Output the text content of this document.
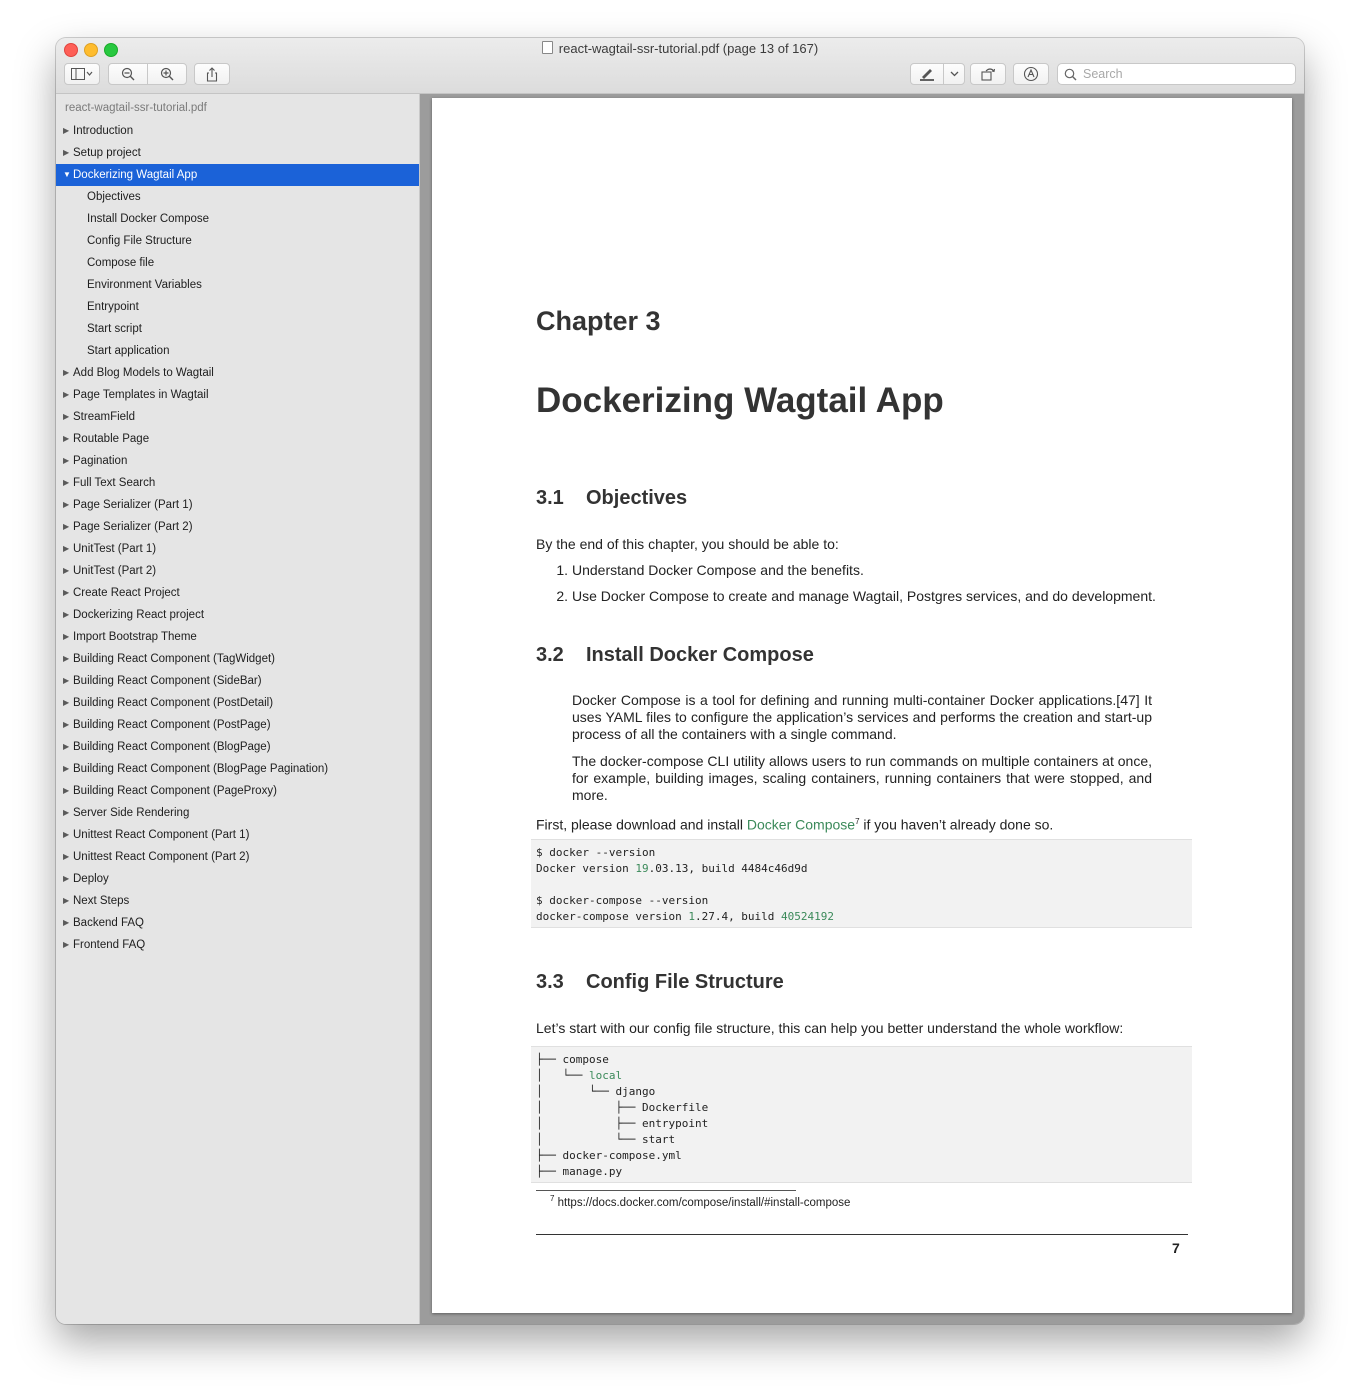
react-wagtail-ssr-tutorial.pdf (page 13 of 167)
Search
react-wagtail-ssr-tutorial.pdf
▶ Introduction
▶ Setup project
▼ Dockerizing Wagtail App
Objectives
Install Docker Compose
Config File Structure
Compose file
Environment Variables
Entrypoint
Start script
Start application
▶ Add Blog Models to Wagtail
▶ Page Templates in Wagtail
▶ StreamField
▶ Routable Page
▶ Pagination
▶ Full Text Search
▶ Page Serializer (Part 1)
▶ Page Serializer (Part 2)
▶ UnitTest (Part 1)
▶ UnitTest (Part 2)
▶ Create React Project
▶ Dockerizing React project
▶ Import Bootstrap Theme
▶ Building React Component (TagWidget)
▶ Building React Component (SideBar)
▶ Building React Component (PostDetail)
▶ Building React Component (PostPage)
▶ Building React Component (BlogPage)
▶ Building React Component (BlogPage Pagination)
▶ Building React Component (PageProxy)
▶ Server Side Rendering
▶ Unittest React Component (Part 1)
▶ Unittest React Component (Part 2)
▶ Deploy
▶ Next Steps
▶ Backend FAQ
▶ Frontend FAQ
Chapter 3
Dockerizing Wagtail App
3.1 Objectives
By the end of this chapter, you should be able to:
1. Understand Docker Compose and the benefits.
2. Use Docker Compose to create and manage Wagtail, Postgres services, and do development.
3.2 Install Docker Compose
Docker Compose is a tool for defining and running multi-container Docker applications.[47] It uses YAML files to configure the application’s services and performs the creation and start-up process of all the containers with a single command.
The docker-compose CLI utility allows users to run commands on multiple containers at once, for example, building images, scaling containers, running containers that were stopped, and more.
First, please download and install Docker Compose$^7$ if you haven’t already done so.
$ docker --version
Docker version 19.03.13, build 4484c46d9d
$ docker-compose --version
docker-compose version 1.27.4, build 40524192
3.3 Config File Structure
Let’s start with our config file structure, this can help you better understand the whole workflow:
├── compose
│   └── local
│       └── django
│           ├── Dockerfile
│           ├── entrypoint
│           └── start
├── docker-compose.yml
├── manage.py
$^7$ https://docs.docker.com/compose/install/#install-compose
7
